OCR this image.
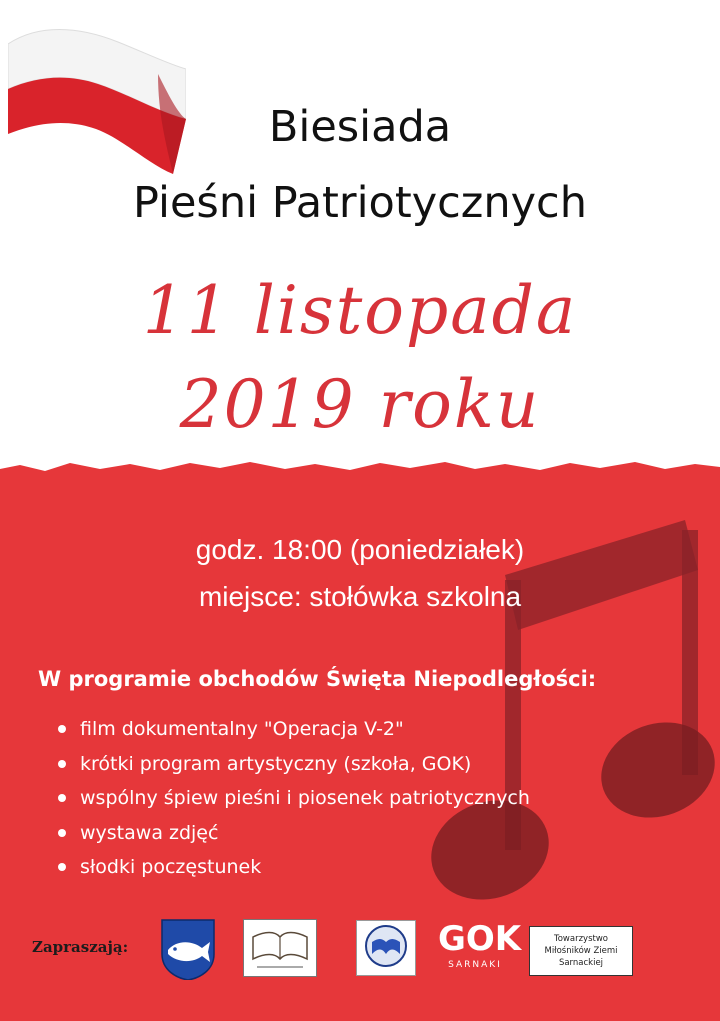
Biesiada
Pieśni Patriotycznych
11 listopada
2019 roku
godz. 18:00 (poniedziałek)
miejsce: stołówka szkolna
W programie obchodów Święta Niepodległości:
film dokumentalny "Operacja V-2"
krótki program artystyczny (szkoła, GOK)
wspólny śpiew pieśni i piosenek patriotycznych
wystawa zdjęć
słodki poczęstunek
Zapraszają:	GOK
SARNAKI
Towarzystwo
Miłośników Ziemi
Sarnackiej
